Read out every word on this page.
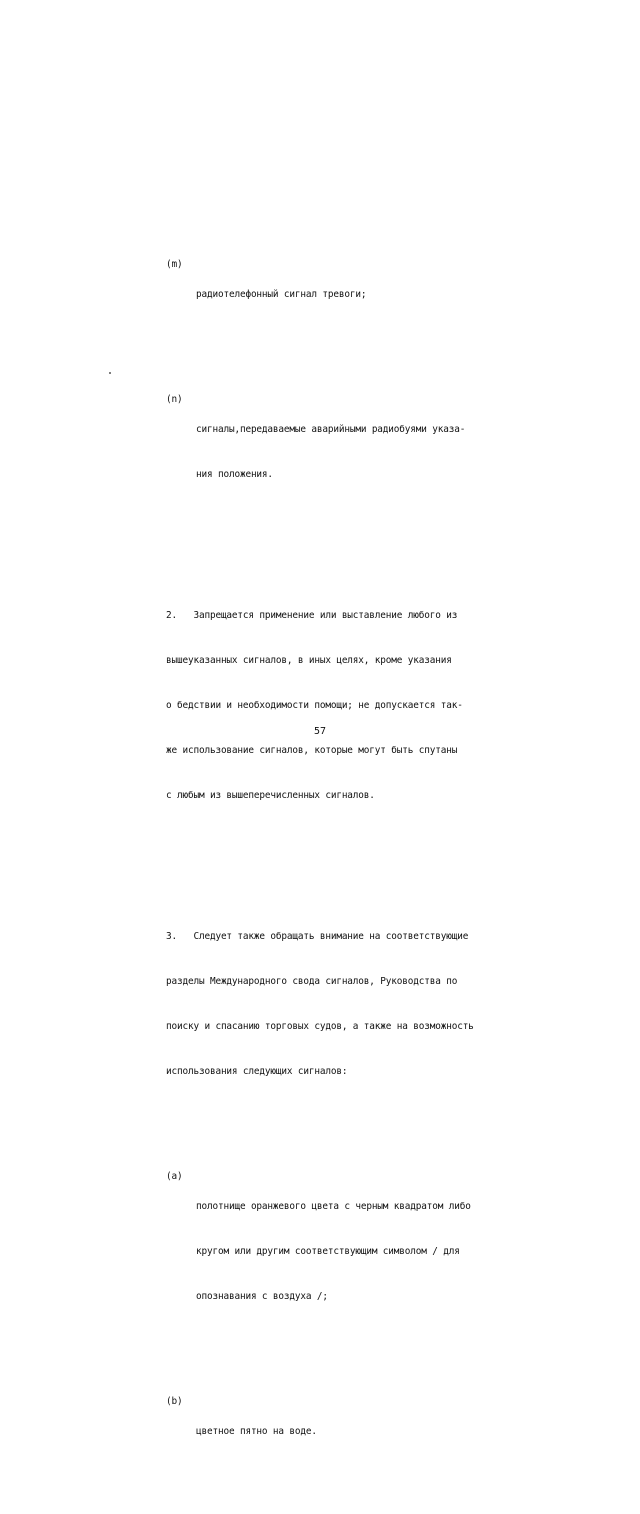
(m)

радиотелефонный сигнал тревоги;

(n)

сигналы,передаваемые аварийными радиобуями указа-

ния положения.

2.   Запрещается применение или выставление любого из

вышеуказанных сигналов, в иных целях, кроме указания

о бедствии и необходимости помощи; не допускается так-

же использование сигналов, которые могут быть спутаны

с любым из вышеперечисленных сигналов.

3.   Следует также обращать внимание на соответствующие

разделы Международного свода сигналов, Руководства по

поиску и спасанию торговых судов, а также на возможность

использования следующих сигналов:

(a)

полотнище оранжевого цвета с черным квадратом либо

кругом или другим соответствующим символом / для

опознавания с воздуха /;

(b)

цветное пятно на воде.

57
